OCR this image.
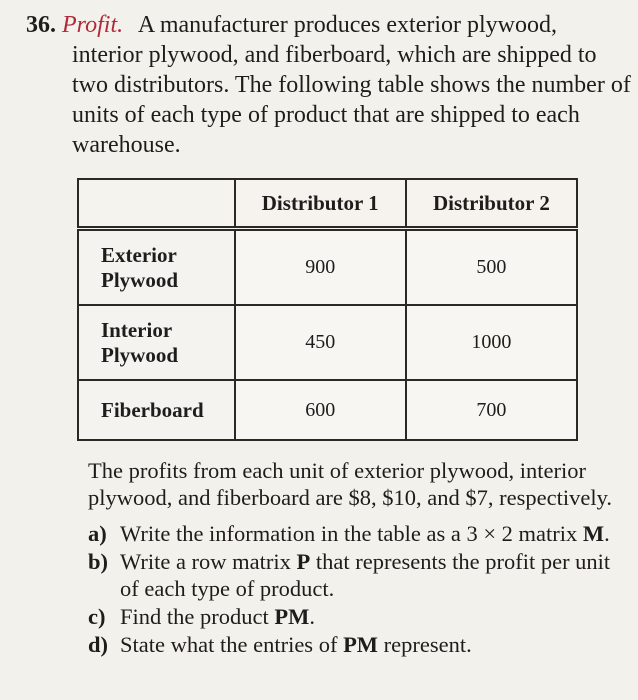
36. Profit. A manufacturer produces exterior plywood,
interior plywood, and fiberboard, which are shipped to two distributors. The following table shows the number of units of each type of product that are shipped to each warehouse.
	Distributor 1	Distributor 2
Exterior
Plywood	900	500
Interior
Plywood	450	1000
Fiberboard	600	700
The profits from each unit of exterior plywood, interior plywood, and fiberboard are $8, $10, and $7, respectively.
a) Write the information in the table as a 3 × 2 matrix M.
b) Write a row matrix P that represents the profit per unit of each type of product.
c) Find the product PM.
d) State what the entries of PM represent.
